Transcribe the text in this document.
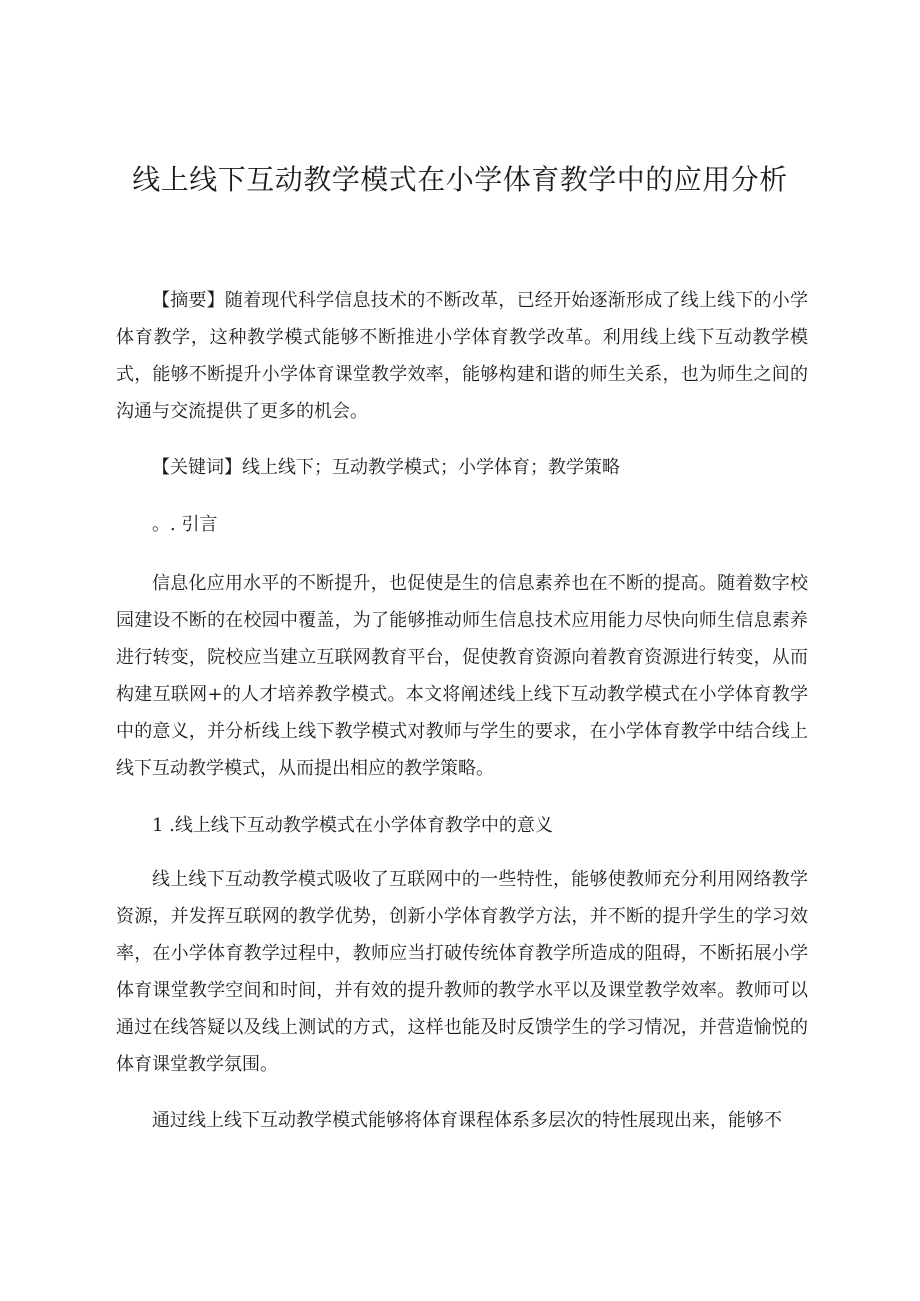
线上线下互动教学模式在小学体育教学中的应用分析

【摘要】随着现代科学信息技术的不断改革，已经开始逐渐形成了线上线下的小学体育教学，这种教学模式能够不断推进小学体育教学改革。利用线上线下互动教学模式，能够不断提升小学体育课堂教学效率，能够构建和谐的师生关系，也为师生之间的沟通与交流提供了更多的机会。

【关键词】线上线下；互动教学模式；小学体育；教学策略

。. 引言

信息化应用水平的不断提升，也促使是生的信息素养也在不断的提高。随着数字校园建设不断的在校园中覆盖，为了能够推动师生信息技术应用能力尽快向师生信息素养进行转变，院校应当建立互联网教育平台，促使教育资源向着教育资源进行转变，从而构建互联网+的人才培养教学模式。本文将阐述线上线下互动教学模式在小学体育教学中的意义，并分析线上线下教学模式对教师与学生的要求，在小学体育教学中结合线上线下互动教学模式，从而提出相应的教学策略。

1 .线上线下互动教学模式在小学体育教学中的意义

线上线下互动教学模式吸收了互联网中的一些特性，能够使教师充分利用网络教学资源，并发挥互联网的教学优势，创新小学体育教学方法，并不断的提升学生的学习效率，在小学体育教学过程中，教师应当打破传统体育教学所造成的阻碍，不断拓展小学体育课堂教学空间和时间，并有效的提升教师的教学水平以及课堂教学效率。教师可以通过在线答疑以及线上测试的方式，这样也能及时反馈学生的学习情况，并营造愉悦的体育课堂教学氛围。

通过线上线下互动教学模式能够将体育课程体系多层次的特性展现出来，能够不
